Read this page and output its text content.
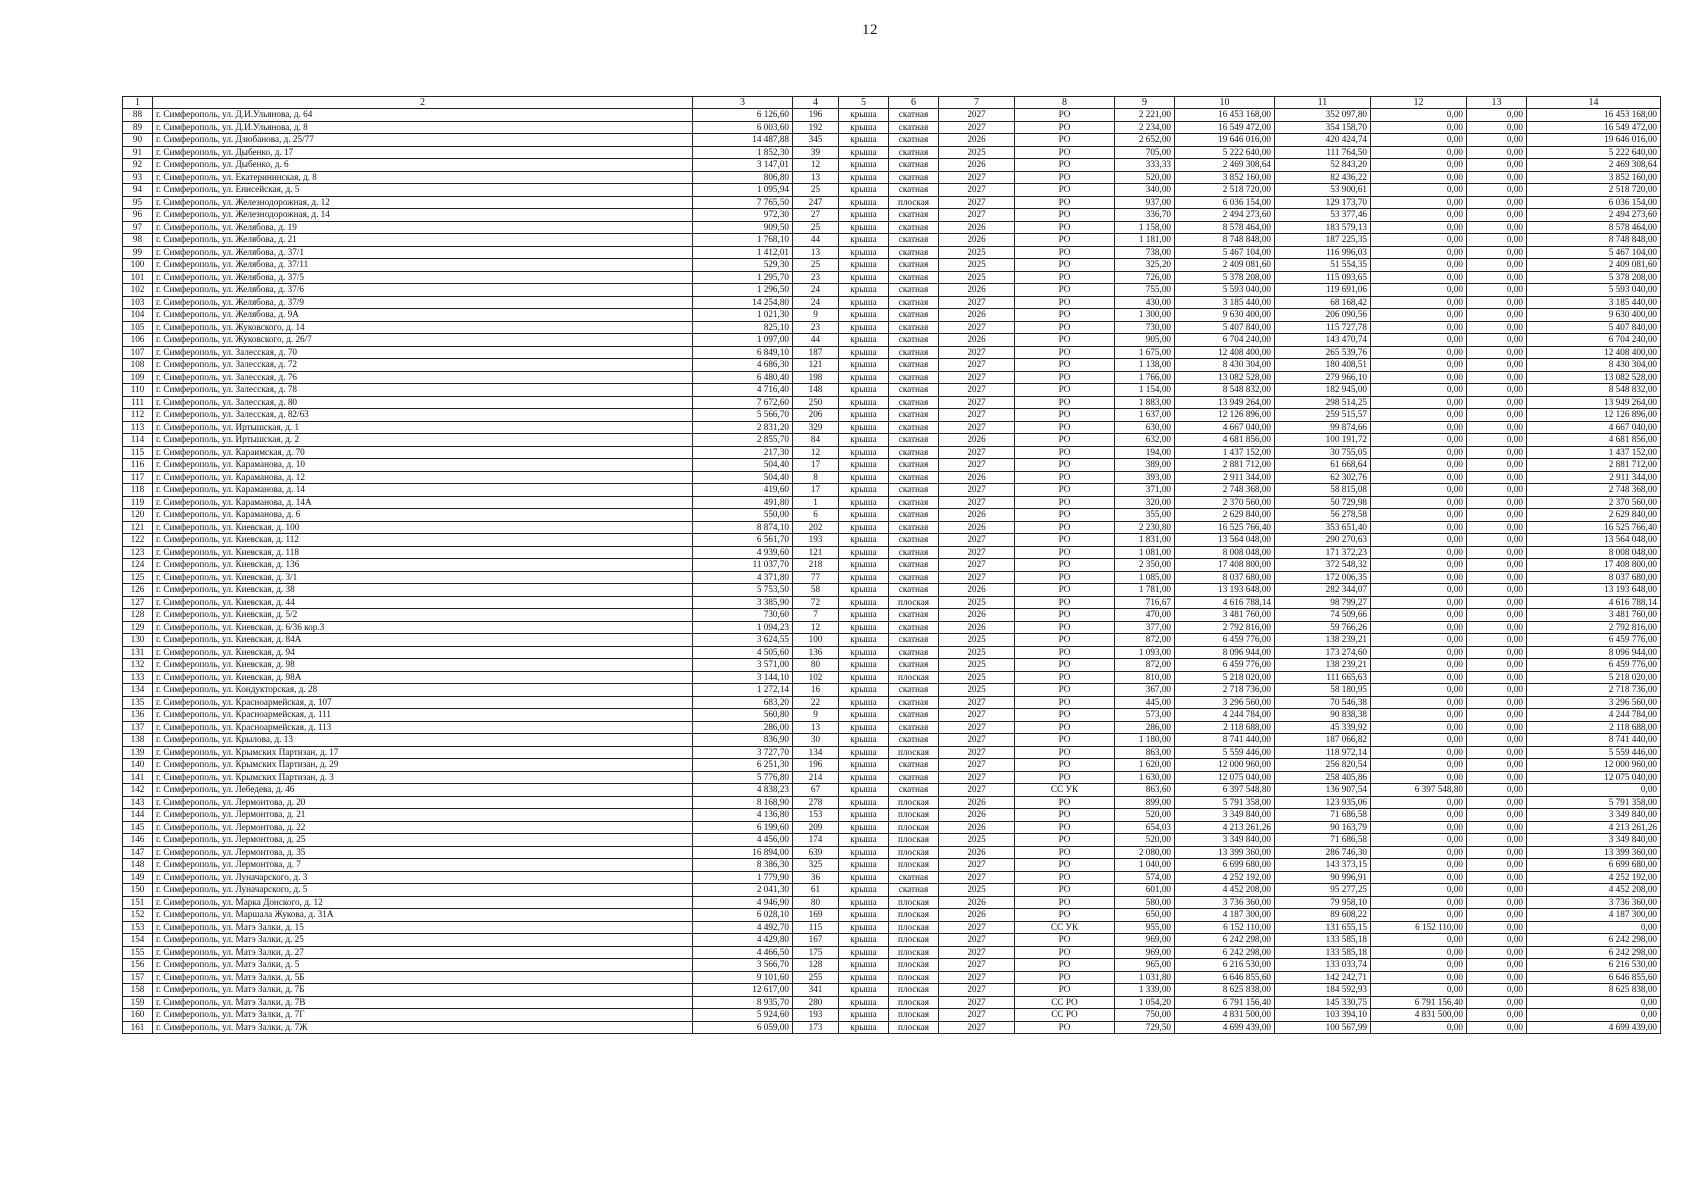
12
1	2	3	4	5	6	7	8	9	10	11	12	13	14
88	г. Симферополь, ул. Д.И.Ульянова, д. 64	6 126,60	196	крыша	скатная	2027	РО	2 221,00	16 453 168,00	352 097,80	0,00	0,00	16 453 168,00
89	г. Симферополь, ул. Д.И.Ульянова, д. 8	6 003,60	192	крыша	скатная	2027	РО	2 234,00	16 549 472,00	354 158,70	0,00	0,00	16 549 472,00
90	г. Симферополь, ул. Дзюбанова, д. 25/77	14 487,88	345	крыша	скатная	2026	РО	2 652,00	19 646 016,00	420 424,74	0,00	0,00	19 646 016,00
91	г. Симферополь, ул. Дыбенко, д. 17	1 852,30	39	крыша	скатная	2025	РО	705,00	5 222 640,00	111 764,50	0,00	0,00	5 222 640,00
92	г. Симферополь, ул. Дыбенко, д. 6	3 147,01	12	крыша	скатная	2026	РО	333,33	2 469 308,64	52 843,20	0,00	0,00	2 469 308,64
93	г. Симферополь, ул. Екатерининская, д. 8	806,80	13	крыша	скатная	2027	РО	520,00	3 852 160,00	82 436,22	0,00	0,00	3 852 160,00
94	г. Симферополь, ул. Енисейская, д. 5	1 095,94	25	крыша	скатная	2027	РО	340,00	2 518 720,00	53 900,61	0,00	0,00	2 518 720,00
95	г. Симферополь, ул. Железнодорожная, д. 12	7 765,50	247	крыша	плоская	2027	РО	937,00	6 036 154,00	129 173,70	0,00	0,00	6 036 154,00
96	г. Симферополь, ул. Железнодорожная, д. 14	972,30	27	крыша	скатная	2027	РО	336,70	2 494 273,60	53 377,46	0,00	0,00	2 494 273,60
97	г. Симферополь, ул. Желябова, д. 19	909,50	25	крыша	скатная	2026	РО	1 158,00	8 578 464,00	183 579,13	0,00	0,00	8 578 464,00
98	г. Симферополь, ул. Желябова, д. 21	1 768,10	44	крыша	скатная	2026	РО	1 181,00	8 748 848,00	187 225,35	0,00	0,00	8 748 848,00
99	г. Симферополь, ул. Желябова, д. 37/1	1 412,01	13	крыша	скатная	2025	РО	738,00	5 467 104,00	116 996,03	0,00	0,00	5 467 104,00
100	г. Симферополь, ул. Желябова, д. 37/11	529,30	25	крыша	скатная	2025	РО	325,20	2 409 081,60	51 554,35	0,00	0,00	2 409 081,60
101	г. Симферополь, ул. Желябова, д. 37/5	1 295,70	23	крыша	скатная	2025	РО	726,00	5 378 208,00	115 093,65	0,00	0,00	5 378 208,00
102	г. Симферополь, ул. Желябова, д. 37/6	1 296,50	24	крыша	скатная	2026	РО	755,00	5 593 040,00	119 691,06	0,00	0,00	5 593 040,00
103	г. Симферополь, ул. Желябова, д. 37/9	14 254,80	24	крыша	скатная	2027	РО	430,00	3 185 440,00	68 168,42	0,00	0,00	3 185 440,00
104	г. Симферополь, ул. Желябова, д. 9А	1 021,30	9	крыша	скатная	2026	РО	1 300,00	9 630 400,00	206 090,56	0,00	0,00	9 630 400,00
105	г. Симферополь, ул. Жуковского, д. 14	825,10	23	крыша	скатная	2027	РО	730,00	5 407 840,00	115 727,78	0,00	0,00	5 407 840,00
106	г. Симферополь, ул. Жуковского, д. 26/7	1 097,00	44	крыша	скатная	2026	РО	905,00	6 704 240,00	143 470,74	0,00	0,00	6 704 240,00
107	г. Симферополь, ул. Залесская, д. 70	6 849,10	187	крыша	скатная	2027	РО	1 675,00	12 408 400,00	265 539,76	0,00	0,00	12 408 400,00
108	г. Симферополь, ул. Залесская, д. 72	4 686,30	121	крыша	скатная	2027	РО	1 138,00	8 430 304,00	180 408,51	0,00	0,00	8 430 304,00
109	г. Симферополь, ул. Залесская, д. 76	6 480,40	198	крыша	скатная	2027	РО	1 766,00	13 082 528,00	279 966,10	0,00	0,00	13 082 528,00
110	г. Симферополь, ул. Залесская, д. 78	4 716,40	148	крыша	скатная	2027	РО	1 154,00	8 548 832,00	182 945,00	0,00	0,00	8 548 832,00
111	г. Симферополь, ул. Залесская, д. 80	7 672,60	250	крыша	скатная	2027	РО	1 883,00	13 949 264,00	298 514,25	0,00	0,00	13 949 264,00
112	г. Симферополь, ул. Залесская, д. 82/63	5 566,70	206	крыша	скатная	2027	РО	1 637,00	12 126 896,00	259 515,57	0,00	0,00	12 126 896,00
113	г. Симферополь, ул. Иртышская, д. 1	2 831,20	329	крыша	скатная	2027	РО	630,00	4 667 040,00	99 874,66	0,00	0,00	4 667 040,00
114	г. Симферополь, ул. Иртышская, д. 2	2 855,70	84	крыша	скатная	2026	РО	632,00	4 681 856,00	100 191,72	0,00	0,00	4 681 856,00
115	г. Симферополь, ул. Караимская, д. 70	217,30	12	крыша	скатная	2027	РО	194,00	1 437 152,00	30 755,05	0,00	0,00	1 437 152,00
116	г. Симферополь, ул. Караманова, д. 10	504,40	17	крыша	скатная	2027	РО	389,00	2 881 712,00	61 668,64	0,00	0,00	2 881 712,00
117	г. Симферополь, ул. Караманова, д. 12	504,40	8	крыша	скатная	2026	РО	393,00	2 911 344,00	62 302,76	0,00	0,00	2 911 344,00
118	г. Симферополь, ул. Караманова, д. 14	419,60	17	крыша	скатная	2027	РО	371,00	2 748 368,00	58 815,08	0,00	0,00	2 748 368,00
119	г. Симферополь, ул. Караманова, д. 14А	491,80	1	крыша	скатная	2027	РО	320,00	2 370 560,00	50 729,98	0,00	0,00	2 370 560,00
120	г. Симферополь, ул. Караманова, д. 6	550,00	6	крыша	скатная	2026	РО	355,00	2 629 840,00	56 278,58	0,00	0,00	2 629 840,00
121	г. Симферополь, ул. Киевская, д. 100	8 874,10	202	крыша	скатная	2026	РО	2 230,80	16 525 766,40	353 651,40	0,00	0,00	16 525 766,40
122	г. Симферополь, ул. Киевская, д. 112	6 561,70	193	крыша	скатная	2027	РО	1 831,00	13 564 048,00	290 270,63	0,00	0,00	13 564 048,00
123	г. Симферополь, ул. Киевская, д. 118	4 939,60	121	крыша	скатная	2027	РО	1 081,00	8 008 048,00	171 372,23	0,00	0,00	8 008 048,00
124	г. Симферополь, ул. Киевская, д. 136	11 037,70	218	крыша	скатная	2027	РО	2 350,00	17 408 800,00	372 548,32	0,00	0,00	17 408 800,00
125	г. Симферополь, ул. Киевская, д. 3/1	4 371,80	77	крыша	скатная	2027	РО	1 085,00	8 037 680,00	172 006,35	0,00	0,00	8 037 680,00
126	г. Симферополь, ул. Киевская, д. 38	5 753,50	58	крыша	скатная	2026	РО	1 781,00	13 193 648,00	282 344,07	0,00	0,00	13 193 648,00
127	г. Симферополь, ул. Киевская, д. 44	3 385,90	72	крыша	плоская	2025	РО	716,67	4 616 788,14	98 799,27	0,00	0,00	4 616 788,14
128	г. Симферополь, ул. Киевская, д. 5/2	730,60	7	крыша	скатная	2026	РО	470,00	3 481 760,00	74 509,66	0,00	0,00	3 481 760,00
129	г. Симферополь, ул. Киевская, д. 6/36 кор.3	1 094,23	12	крыша	скатная	2026	РО	377,00	2 792 816,00	59 766,26	0,00	0,00	2 792 816,00
130	г. Симферополь, ул. Киевская, д. 84А	3 624,55	100	крыша	скатная	2025	РО	872,00	6 459 776,00	138 239,21	0,00	0,00	6 459 776,00
131	г. Симферополь, ул. Киевская, д. 94	4 505,60	136	крыша	скатная	2025	РО	1 093,00	8 096 944,00	173 274,60	0,00	0,00	8 096 944,00
132	г. Симферополь, ул. Киевская, д. 98	3 571,00	80	крыша	скатная	2025	РО	872,00	6 459 776,00	138 239,21	0,00	0,00	6 459 776,00
133	г. Симферополь, ул. Киевская, д. 98А	3 144,10	102	крыша	плоская	2025	РО	810,00	5 218 020,00	111 665,63	0,00	0,00	5 218 020,00
134	г. Симферополь, ул. Кондукторская, д. 28	1 272,14	16	крыша	скатная	2025	РО	367,00	2 718 736,00	58 180,95	0,00	0,00	2 718 736,00
135	г. Симферополь, ул. Красноармейская, д. 107	683,20	22	крыша	скатная	2027	РО	445,00	3 296 560,00	70 546,38	0,00	0,00	3 296 560,00
136	г. Симферополь, ул. Красноармейская, д. 111	560,80	9	крыша	скатная	2027	РО	573,00	4 244 784,00	90 838,38	0,00	0,00	4 244 784,00
137	г. Симферополь, ул. Красноармейская, д. 113	286,00	13	крыша	скатная	2027	РО	286,00	2 118 688,00	45 339,92	0,00	0,00	2 118 688,00
138	г. Симферополь, ул. Крылова, д. 13	836,90	30	крыша	скатная	2027	РО	1 180,00	8 741 440,00	187 066,82	0,00	0,00	8 741 440,00
139	г. Симферополь, ул. Крымских Партизан, д. 17	3 727,70	134	крыша	плоская	2027	РО	863,00	5 559 446,00	118 972,14	0,00	0,00	5 559 446,00
140	г. Симферополь, ул. Крымских Партизан, д. 29	6 251,30	196	крыша	скатная	2027	РО	1 620,00	12 000 960,00	256 820,54	0,00	0,00	12 000 960,00
141	г. Симферополь, ул. Крымских Партизан, д. 3	5 776,80	214	крыша	скатная	2027	РО	1 630,00	12 075 040,00	258 405,86	0,00	0,00	12 075 040,00
142	г. Симферополь, ул. Лебедева, д. 46	4 838,23	67	крыша	скатная	2027	СС УК	863,60	6 397 548,80	136 907,54	6 397 548,80	0,00	0,00
143	г. Симферополь, ул. Лермонтова, д. 20	8 168,90	278	крыша	плоская	2026	РО	899,00	5 791 358,00	123 935,06	0,00	0,00	5 791 358,00
144	г. Симферополь, ул. Лермонтова, д. 21	4 136,80	153	крыша	плоская	2026	РО	520,00	3 349 840,00	71 686,58	0,00	0,00	3 349 840,00
145	г. Симферополь, ул. Лермонтова, д. 22	6 199,60	209	крыша	плоская	2026	РО	654,03	4 213 261,26	90 163,79	0,00	0,00	4 213 261,26
146	г. Симферополь, ул. Лермонтова, д. 25	4 456,00	174	крыша	плоская	2025	РО	520,00	3 349 840,00	71 686,58	0,00	0,00	3 349 840,00
147	г. Симферополь, ул. Лермонтова, д. 35	16 894,00	639	крыша	плоская	2026	РО	2 080,00	13 399 360,00	286 746,30	0,00	0,00	13 399 360,00
148	г. Симферополь, ул. Лермонтова, д. 7	8 386,30	325	крыша	плоская	2027	РО	1 040,00	6 699 680,00	143 373,15	0,00	0,00	6 699 680,00
149	г. Симферополь, ул. Луначарского, д. 3	1 779,90	36	крыша	скатная	2027	РО	574,00	4 252 192,00	90 996,91	0,00	0,00	4 252 192,00
150	г. Симферополь, ул. Луначарского, д. 5	2 041,30	61	крыша	скатная	2025	РО	601,00	4 452 208,00	95 277,25	0,00	0,00	4 452 208,00
151	г. Симферополь, ул. Марка Донского, д. 12	4 946,90	80	крыша	плоская	2026	РО	580,00	3 736 360,00	79 958,10	0,00	0,00	3 736 360,00
152	г. Симферополь, ул. Маршала Жукова, д. 31А	6 028,10	169	крыша	плоская	2026	РО	650,00	4 187 300,00	89 608,22	0,00	0,00	4 187 300,00
153	г. Симферополь, ул. Матэ Залки, д. 15	4 492,70	115	крыша	плоская	2027	СС УК	955,00	6 152 110,00	131 655,15	6 152 110,00	0,00	0,00
154	г. Симферополь, ул. Матэ Залки, д. 25	4 429,80	167	крыша	плоская	2027	РО	969,00	6 242 298,00	133 585,18	0,00	0,00	6 242 298,00
155	г. Симферополь, ул. Матэ Залки, д. 27	4 466,50	175	крыша	плоская	2027	РО	969,00	6 242 298,00	133 585,18	0,00	0,00	6 242 298,00
156	г. Симферополь, ул. Матэ Залки, д. 5	3 566,70	128	крыша	плоская	2027	РО	965,00	6 216 530,00	133 033,74	0,00	0,00	6 216 530,00
157	г. Симферополь, ул. Матэ Залки, д. 5Б	9 101,60	255	крыша	плоская	2027	РО	1 031,80	6 646 855,60	142 242,71	0,00	0,00	6 646 855,60
158	г. Симферополь, ул. Матэ Залки, д. 7Б	12 617,00	341	крыша	плоская	2027	РО	1 339,00	8 625 838,00	184 592,93	0,00	0,00	8 625 838,00
159	г. Симферополь, ул. Матэ Залки, д. 7В	8 935,70	280	крыша	плоская	2027	СС РО	1 054,20	6 791 156,40	145 330,75	6 791 156,40	0,00	0,00
160	г. Симферополь, ул. Матэ Залки, д. 7Г	5 924,60	193	крыша	плоская	2027	СС РО	750,00	4 831 500,00	103 394,10	4 831 500,00	0,00	0,00
161	г. Симферополь, ул. Матэ Залки, д. 7Ж	6 059,00	173	крыша	плоская	2027	РО	729,50	4 699 439,00	100 567,99	0,00	0,00	4 699 439,00
